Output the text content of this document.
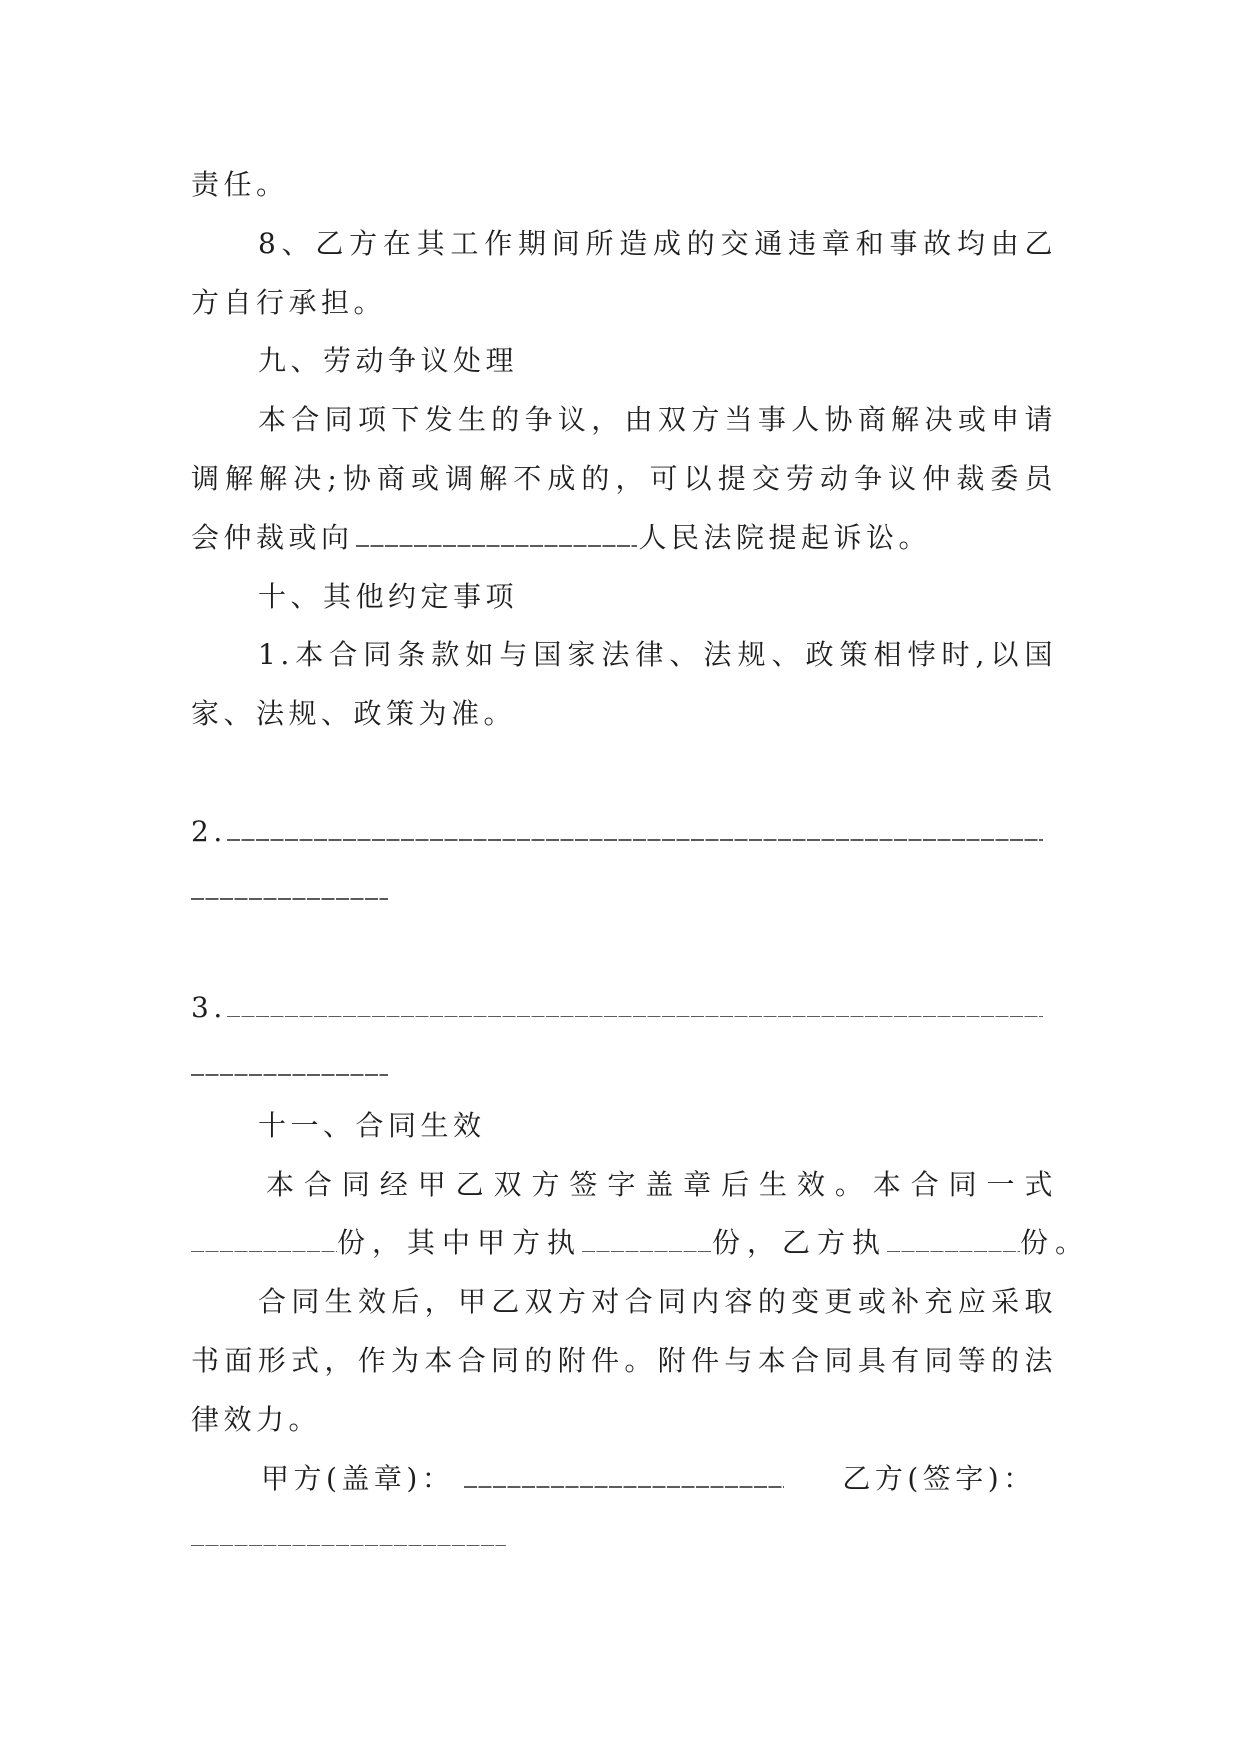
责任。
8、乙方在其工作期间所造成的交通违章和事故均由乙
方自行承担。
九、劳动争议处理
本合同项下发生的争议，由双方当事人协商解决或申请
调解解决;协商或调解不成的，可以提交劳动争议仲裁委员
会仲裁或向	人民法院提起诉讼。
十、其他约定事项
1.本合同条款如与国家法律、法规、政策相悖时,以国
家、法规、政策为准。
2.
3.
十一、合同生效
本合同经甲乙双方签字盖章后生效。本合同一式
份，其中甲方执	份，乙方执	份。
合同生效后，甲乙双方对合同内容的变更或补充应采取
书面形式，作为本合同的附件。附件与本合同具有同等的法
律效力。
甲方(盖章)：	乙方(签字)：
